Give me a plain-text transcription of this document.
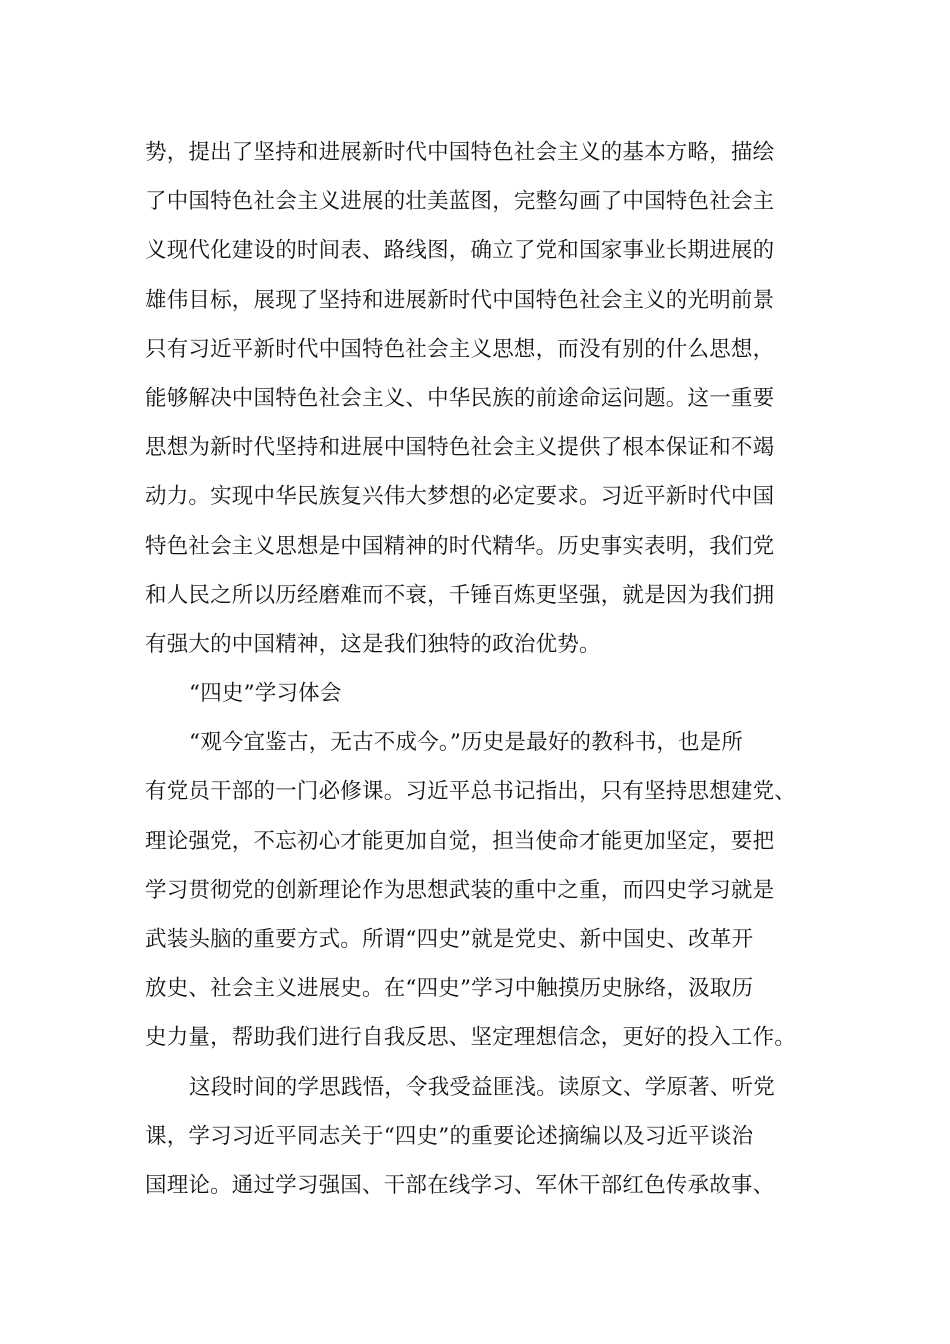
势，提出了坚持和进展新时代中国特色社会主义的基本方略，描绘
了中国特色社会主义进展的壮美蓝图，完整勾画了中国特色社会主
义现代化建设的时间表、路线图，确立了党和国家事业长期进展的
雄伟目标，展现了坚持和进展新时代中国特色社会主义的光明前景
只有习近平新时代中国特色社会主义思想，而没有别的什么思想，
能够解决中国特色社会主义、中华民族的前途命运问题。这一重要
思想为新时代坚持和进展中国特色社会主义提供了根本保证和不竭
动力。实现中华民族复兴伟大梦想的必定要求。习近平新时代中国
特色社会主义思想是中国精神的时代精华。历史事实表明，我们党
和人民之所以历经磨难而不衰，千锤百炼更坚强，就是因为我们拥
有强大的中国精神，这是我们独特的政治优势。
“四史”学习体会
“观今宜鉴古，无古不成今。”历史是最好的教科书，也是所
有党员干部的一门必修课。习近平总书记指出，只有坚持思想建党、
理论强党，不忘初心才能更加自觉，担当使命才能更加坚定，要把
学习贯彻党的创新理论作为思想武装的重中之重，而四史学习就是
武装头脑的重要方式。所谓“四史”就是党史、新中国史、改革开
放史、社会主义进展史。在“四史”学习中触摸历史脉络，汲取历
史力量，帮助我们进行自我反思、坚定理想信念，更好的投入工作。
这段时间的学思践悟，令我受益匪浅。读原文、学原著、听党
课，学习习近平同志关于“四史”的重要论述摘编以及习近平谈治
国理论。通过学习强国、干部在线学习、军休干部红色传承故事、
